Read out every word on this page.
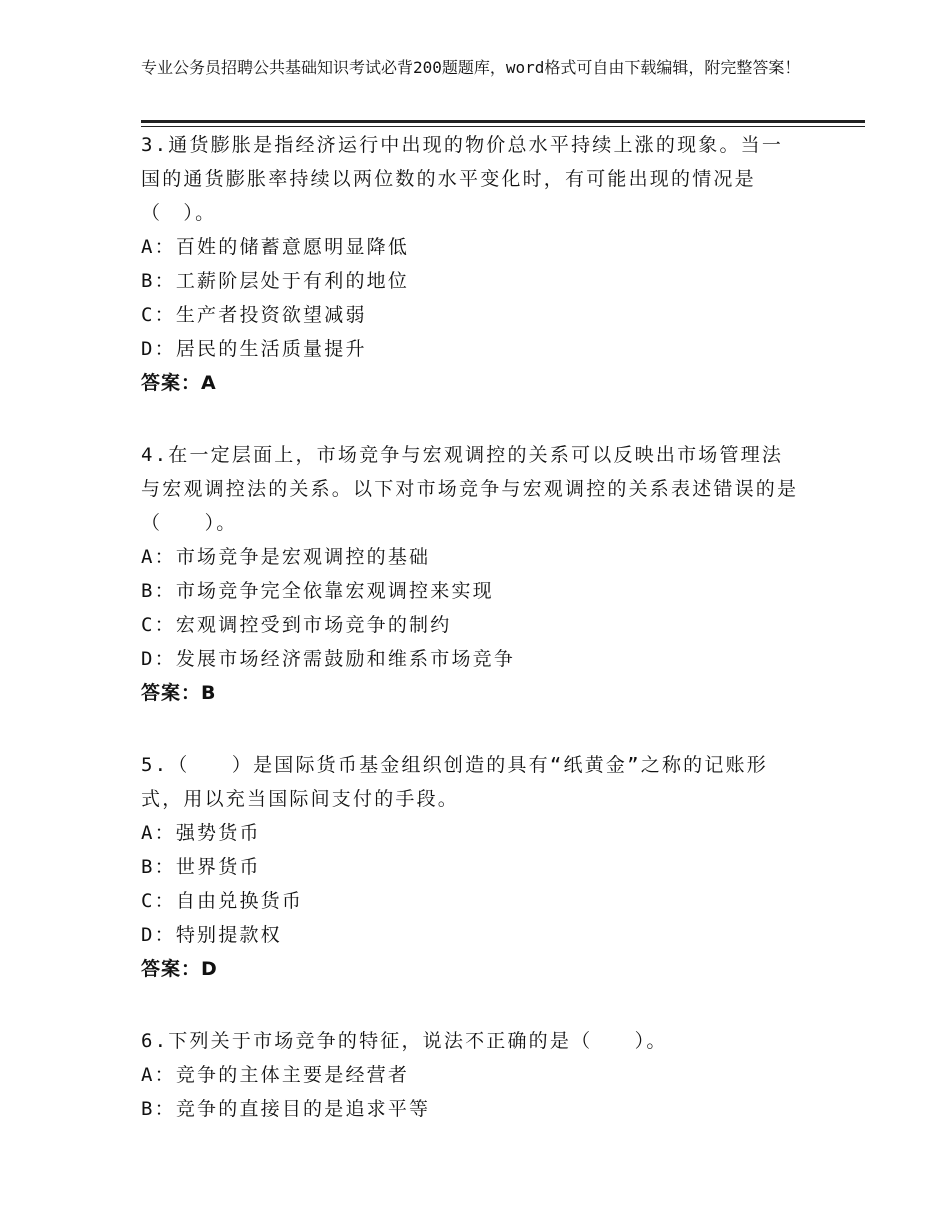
专业公务员招聘公共基础知识考试必背200题题库，word格式可自由下载编辑，附完整答案！

3.通货膨胀是指经济运行中出现的物价总水平持续上涨的现象。当一国的通货膨胀率持续以两位数的水平变化时，有可能出现的情况是（　）。

A：百姓的储蓄意愿明显降低

B：工薪阶层处于有利的地位

C：生产者投资欲望减弱

D：居民的生活质量提升

答案：A

4.在一定层面上，市场竞争与宏观调控的关系可以反映出市场管理法与宏观调控法的关系。以下对市场竞争与宏观调控的关系表述错误的是（　　）。

A：市场竞争是宏观调控的基础

B：市场竞争完全依靠宏观调控来实现

C：宏观调控受到市场竞争的制约

D：发展市场经济需鼓励和维系市场竞争

答案：B

5.（　　）是国际货币基金组织创造的具有“纸黄金”之称的记账形式，用以充当国际间支付的手段。

A：强势货币

B：世界货币

C：自由兑换货币

D：特别提款权

答案：D

6.下列关于市场竞争的特征，说法不正确的是（　　）。

A：竞争的主体主要是经营者

B：竞争的直接目的是追求平等
